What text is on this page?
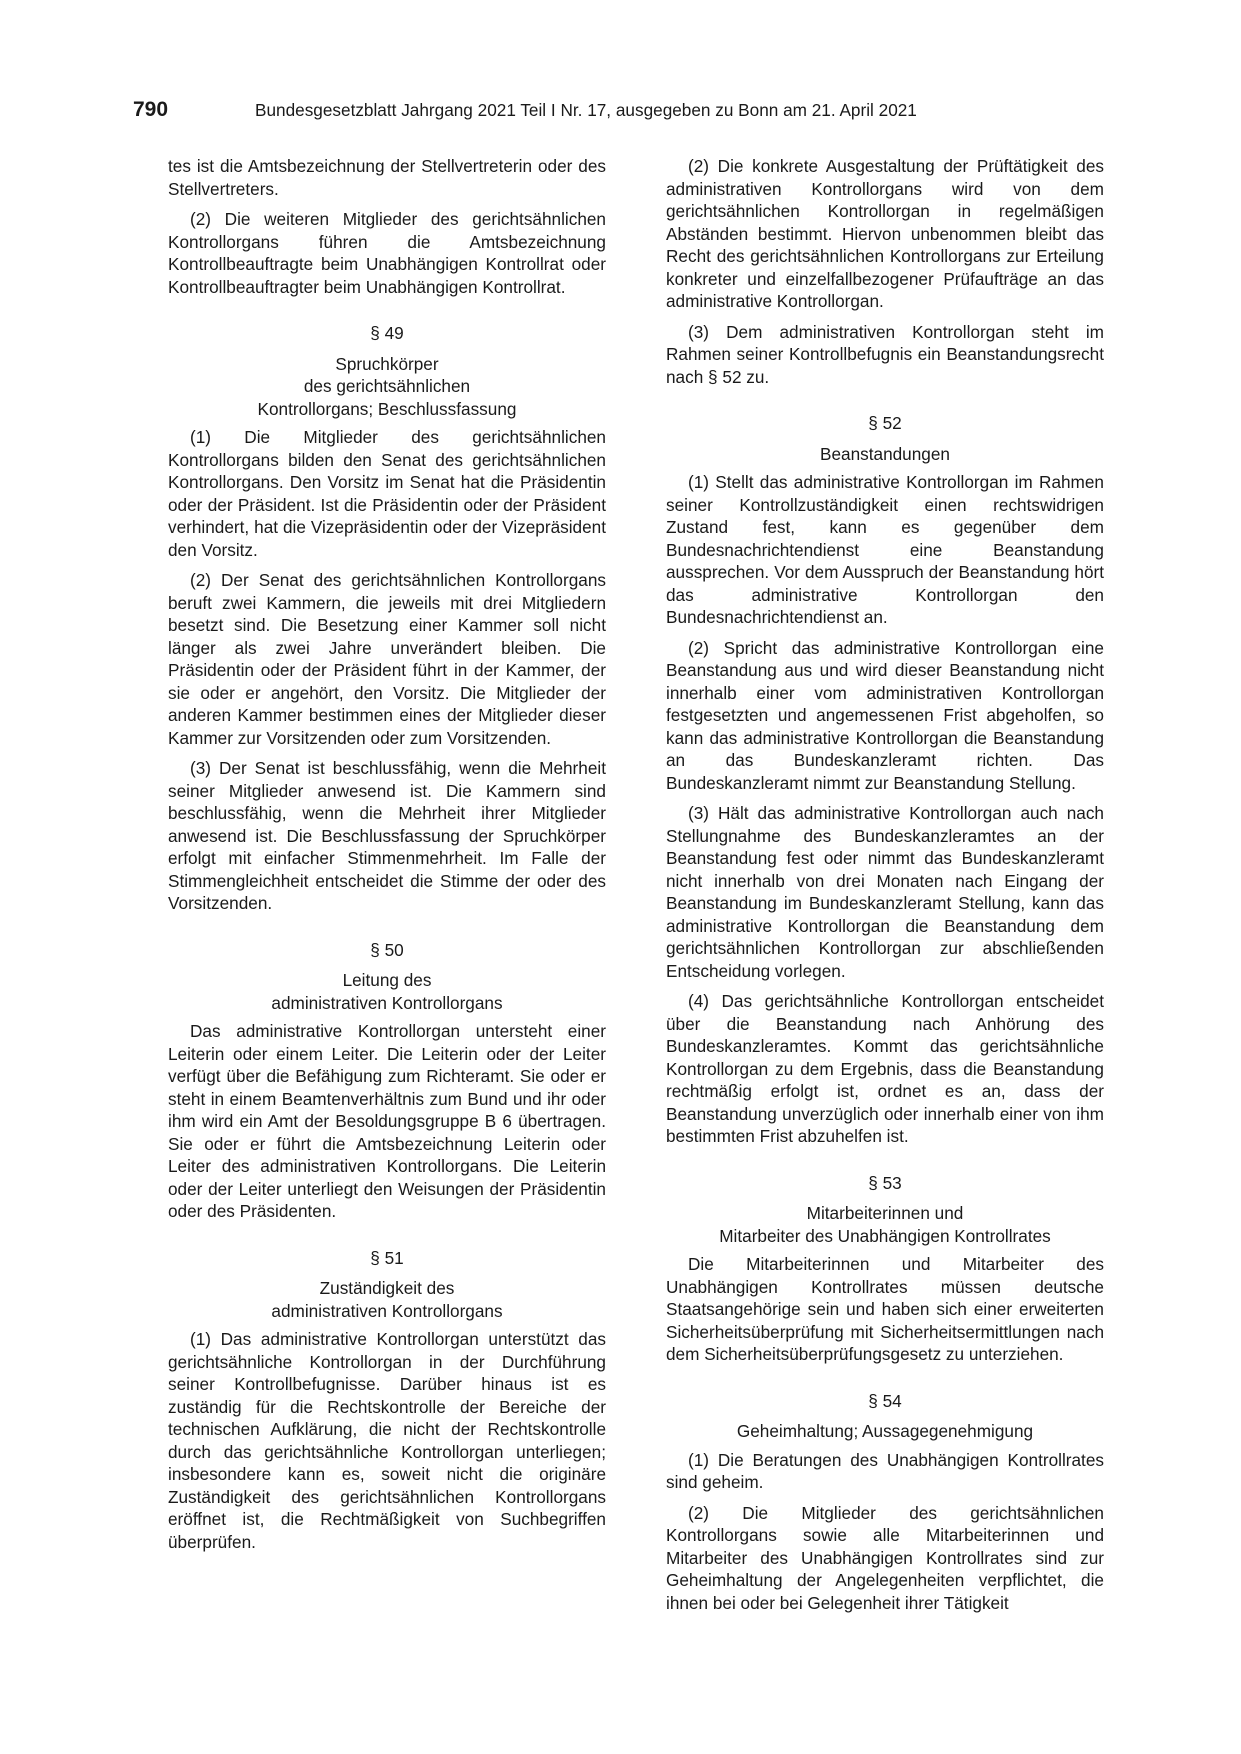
790	Bundesgesetzblatt Jahrgang 2021 Teil I Nr. 17, ausgegeben zu Bonn am 21. April 2021

tes ist die Amtsbezeichnung der Stellvertreterin oder des Stellvertreters.

(2) Die weiteren Mitglieder des gerichtsähnlichen Kontrollorgans führen die Amtsbezeichnung Kontrollbeauftragte beim Unabhängigen Kontrollrat oder Kontrollbeauftragter beim Unabhängigen Kontrollrat.

§ 49
Spruchkörper
des gerichtsähnlichen
Kontrollorgans; Beschlussfassung

(1) Die Mitglieder des gerichtsähnlichen Kontrollorgans bilden den Senat des gerichtsähnlichen Kontrollorgans. Den Vorsitz im Senat hat die Präsidentin oder der Präsident. Ist die Präsidentin oder der Präsident verhindert, hat die Vizepräsidentin oder der Vizepräsident den Vorsitz.

(2) Der Senat des gerichtsähnlichen Kontrollorgans beruft zwei Kammern, die jeweils mit drei Mitgliedern besetzt sind. Die Besetzung einer Kammer soll nicht länger als zwei Jahre unverändert bleiben. Die Präsidentin oder der Präsident führt in der Kammer, der sie oder er angehört, den Vorsitz. Die Mitglieder der anderen Kammer bestimmen eines der Mitglieder dieser Kammer zur Vorsitzenden oder zum Vorsitzenden.

(3) Der Senat ist beschlussfähig, wenn die Mehrheit seiner Mitglieder anwesend ist. Die Kammern sind beschlussfähig, wenn die Mehrheit ihrer Mitglieder anwesend ist. Die Beschlussfassung der Spruchkörper erfolgt mit einfacher Stimmenmehrheit. Im Falle der Stimmengleichheit entscheidet die Stimme der oder des Vorsitzenden.

§ 50
Leitung des
administrativen Kontrollorgans

Das administrative Kontrollorgan untersteht einer Leiterin oder einem Leiter. Die Leiterin oder der Leiter verfügt über die Befähigung zum Richteramt. Sie oder er steht in einem Beamtenverhältnis zum Bund und ihr oder ihm wird ein Amt der Besoldungsgruppe B 6 übertragen. Sie oder er führt die Amtsbezeichnung Leiterin oder Leiter des administrativen Kontrollorgans. Die Leiterin oder der Leiter unterliegt den Weisungen der Präsidentin oder des Präsidenten.

§ 51
Zuständigkeit des
administrativen Kontrollorgans

(1) Das administrative Kontrollorgan unterstützt das gerichtsähnliche Kontrollorgan in der Durchführung seiner Kontrollbefugnisse. Darüber hinaus ist es zuständig für die Rechtskontrolle der Bereiche der technischen Aufklärung, die nicht der Rechtskontrolle durch das gerichtsähnliche Kontrollorgan unterliegen; insbesondere kann es, soweit nicht die originäre Zuständigkeit des gerichtsähnlichen Kontrollorgans eröffnet ist, die Rechtmäßigkeit von Suchbegriffen überprüfen.

(2) Die konkrete Ausgestaltung der Prüftätigkeit des administrativen Kontrollorgans wird von dem gerichtsähnlichen Kontrollorgan in regelmäßigen Abständen bestimmt. Hiervon unbenommen bleibt das Recht des gerichtsähnlichen Kontrollorgans zur Erteilung konkreter und einzelfallbezogener Prüfaufträge an das administrative Kontrollorgan.

(3) Dem administrativen Kontrollorgan steht im Rahmen seiner Kontrollbefugnis ein Beanstandungsrecht nach § 52 zu.

§ 52
Beanstandungen

(1) Stellt das administrative Kontrollorgan im Rahmen seiner Kontrollzuständigkeit einen rechtswidrigen Zustand fest, kann es gegenüber dem Bundesnachrichtendienst eine Beanstandung aussprechen. Vor dem Ausspruch der Beanstandung hört das administrative Kontrollorgan den Bundesnachrichtendienst an.

(2) Spricht das administrative Kontrollorgan eine Beanstandung aus und wird dieser Beanstandung nicht innerhalb einer vom administrativen Kontrollorgan festgesetzten und angemessenen Frist abgeholfen, so kann das administrative Kontrollorgan die Beanstandung an das Bundeskanzleramt richten. Das Bundeskanzleramt nimmt zur Beanstandung Stellung.

(3) Hält das administrative Kontrollorgan auch nach Stellungnahme des Bundeskanzleramtes an der Beanstandung fest oder nimmt das Bundeskanzleramt nicht innerhalb von drei Monaten nach Eingang der Beanstandung im Bundeskanzleramt Stellung, kann das administrative Kontrollorgan die Beanstandung dem gerichtsähnlichen Kontrollorgan zur abschließenden Entscheidung vorlegen.

(4) Das gerichtsähnliche Kontrollorgan entscheidet über die Beanstandung nach Anhörung des Bundeskanzleramtes. Kommt das gerichtsähnliche Kontrollorgan zu dem Ergebnis, dass die Beanstandung rechtmäßig erfolgt ist, ordnet es an, dass der Beanstandung unverzüglich oder innerhalb einer von ihm bestimmten Frist abzuhelfen ist.

§ 53
Mitarbeiterinnen und
Mitarbeiter des Unabhängigen Kontrollrates

Die Mitarbeiterinnen und Mitarbeiter des Unabhängigen Kontrollrates müssen deutsche Staatsangehörige sein und haben sich einer erweiterten Sicherheitsüberprüfung mit Sicherheitsermittlungen nach dem Sicherheitsüberprüfungsgesetz zu unterziehen.

§ 54
Geheimhaltung; Aussagegenehmigung

(1) Die Beratungen des Unabhängigen Kontrollrates sind geheim.

(2) Die Mitglieder des gerichtsähnlichen Kontrollorgans sowie alle Mitarbeiterinnen und Mitarbeiter des Unabhängigen Kontrollrates sind zur Geheimhaltung der Angelegenheiten verpflichtet, die ihnen bei oder bei Gelegenheit ihrer Tätigkeit
